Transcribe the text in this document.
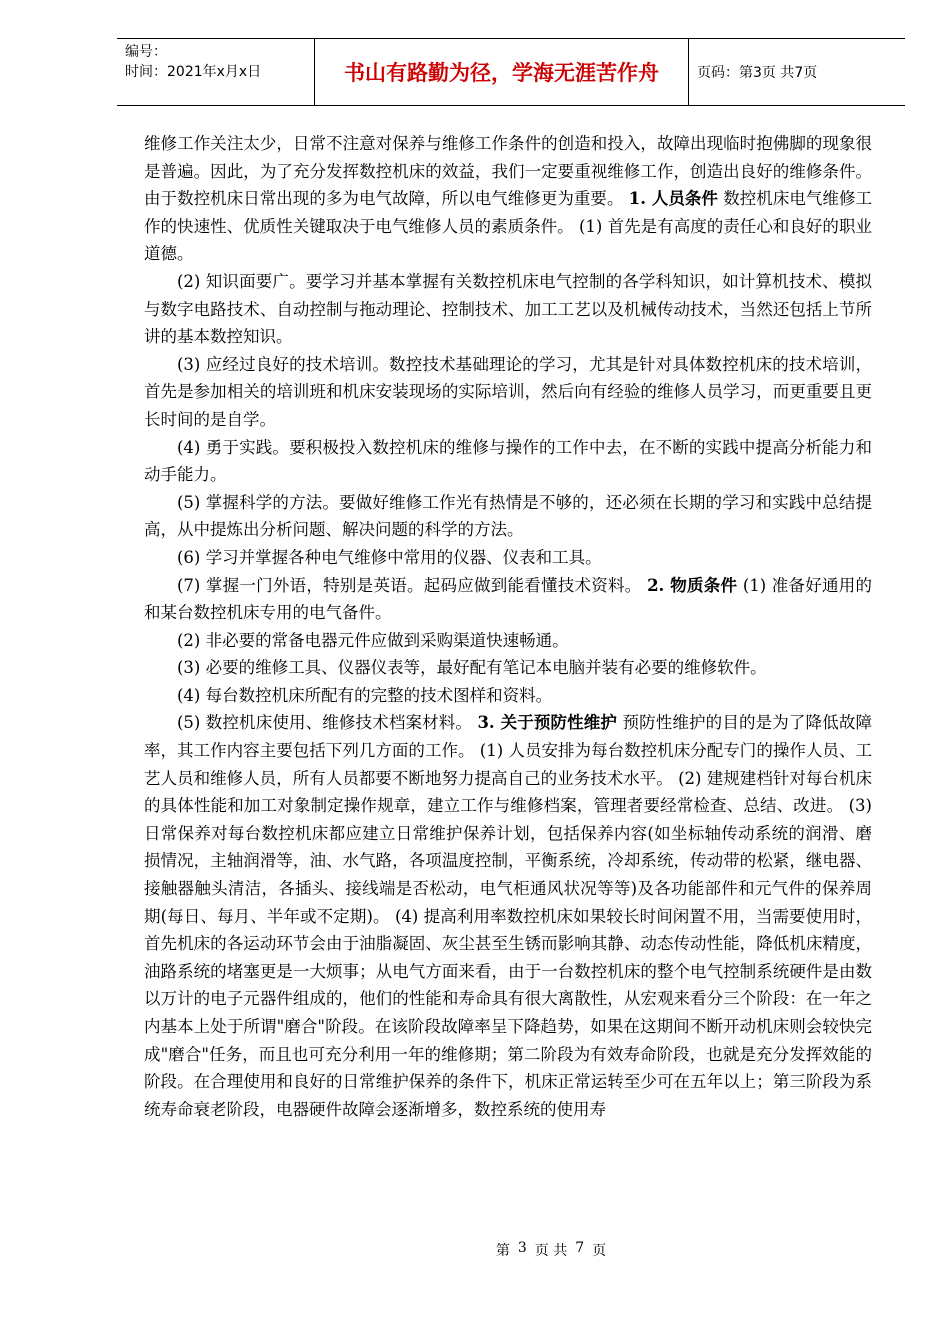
编号：
时间：2021年x月x日	书山有路勤为径，学海无涯苦作舟	页码：第3页 共7页

维修工作关注太少，日常不注意对保养与维修工作条件的创造和投入，故障出现临时抱佛脚的现象很是普遍。因此，为了充分发挥数控机床的效益，我们一定要重视维修工作，创造出良好的维修条件。由于数控机床日常出现的多为电气故障，所以电气维修更为重要。 1. 人员条件 数控机床电气维修工作的快速性、优质性关键取决于电气维修人员的素质条件。 (1) 首先是有高度的责任心和良好的职业道德。

(2) 知识面要广。要学习并基本掌握有关数控机床电气控制的各学科知识，如计算机技术、模拟与数字电路技术、自动控制与拖动理论、控制技术、加工工艺以及机械传动技术，当然还包括上节所讲的基本数控知识。

(3) 应经过良好的技术培训。数控技术基础理论的学习，尤其是针对具体数控机床的技术培训，首先是参加相关的培训班和机床安装现场的实际培训，然后向有经验的维修人员学习，而更重要且更长时间的是自学。

(4) 勇于实践。要积极投入数控机床的维修与操作的工作中去，在不断的实践中提高分析能力和动手能力。

(5) 掌握科学的方法。要做好维修工作光有热情是不够的，还必须在长期的学习和实践中总结提高，从中提炼出分析问题、解决问题的科学的方法。

(6) 学习并掌握各种电气维修中常用的仪器、仪表和工具。

(7) 掌握一门外语，特别是英语。起码应做到能看懂技术资料。 2. 物质条件 (1) 准备好通用的和某台数控机床专用的电气备件。

(2) 非必要的常备电器元件应做到采购渠道快速畅通。

(3) 必要的维修工具、仪器仪表等，最好配有笔记本电脑并装有必要的维修软件。

(4) 每台数控机床所配有的完整的技术图样和资料。

(5) 数控机床使用、维修技术档案材料。 3. 关于预防性维护 预防性维护的目的是为了降低故障率，其工作内容主要包括下列几方面的工作。 (1) 人员安排为每台数控机床分配专门的操作人员、工艺人员和维修人员，所有人员都要不断地努力提高自己的业务技术水平。 (2) 建规建档针对每台机床的具体性能和加工对象制定操作规章，建立工作与维修档案，管理者要经常检查、总结、改进。 (3) 日常保养对每台数控机床都应建立日常维护保养计划，包括保养内容(如坐标轴传动系统的润滑、磨损情况，主轴润滑等，油、水气路，各项温度控制，平衡系统，冷却系统，传动带的松紧，继电器、接触器触头清洁，各插头、接线端是否松动，电气柜通风状况等等)及各功能部件和元气件的保养周期(每日、每月、半年或不定期)。 (4) 提高利用率数控机床如果较长时间闲置不用，当需要使用时，首先机床的各运动环节会由于油脂凝固、灰尘甚至生锈而影响其静、动态传动性能，降低机床精度，油路系统的堵塞更是一大烦事；从电气方面来看，由于一台数控机床的整个电气控制系统硬件是由数以万计的电子元器件组成的，他们的性能和寿命具有很大离散性，从宏观来看分三个阶段：在一年之内基本上处于所谓"磨合"阶段。在该阶段故障率呈下降趋势，如果在这期间不断开动机床则会较快完成"磨合"任务，而且也可充分利用一年的维修期；第二阶段为有效寿命阶段，也就是充分发挥效能的阶段。在合理使用和良好的日常维护保养的条件下，机床正常运转至少可在五年以上；第三阶段为系统寿命衰老阶段，电器硬件故障会逐渐增多，数控系统的使用寿

第 3 页 共 7 页
